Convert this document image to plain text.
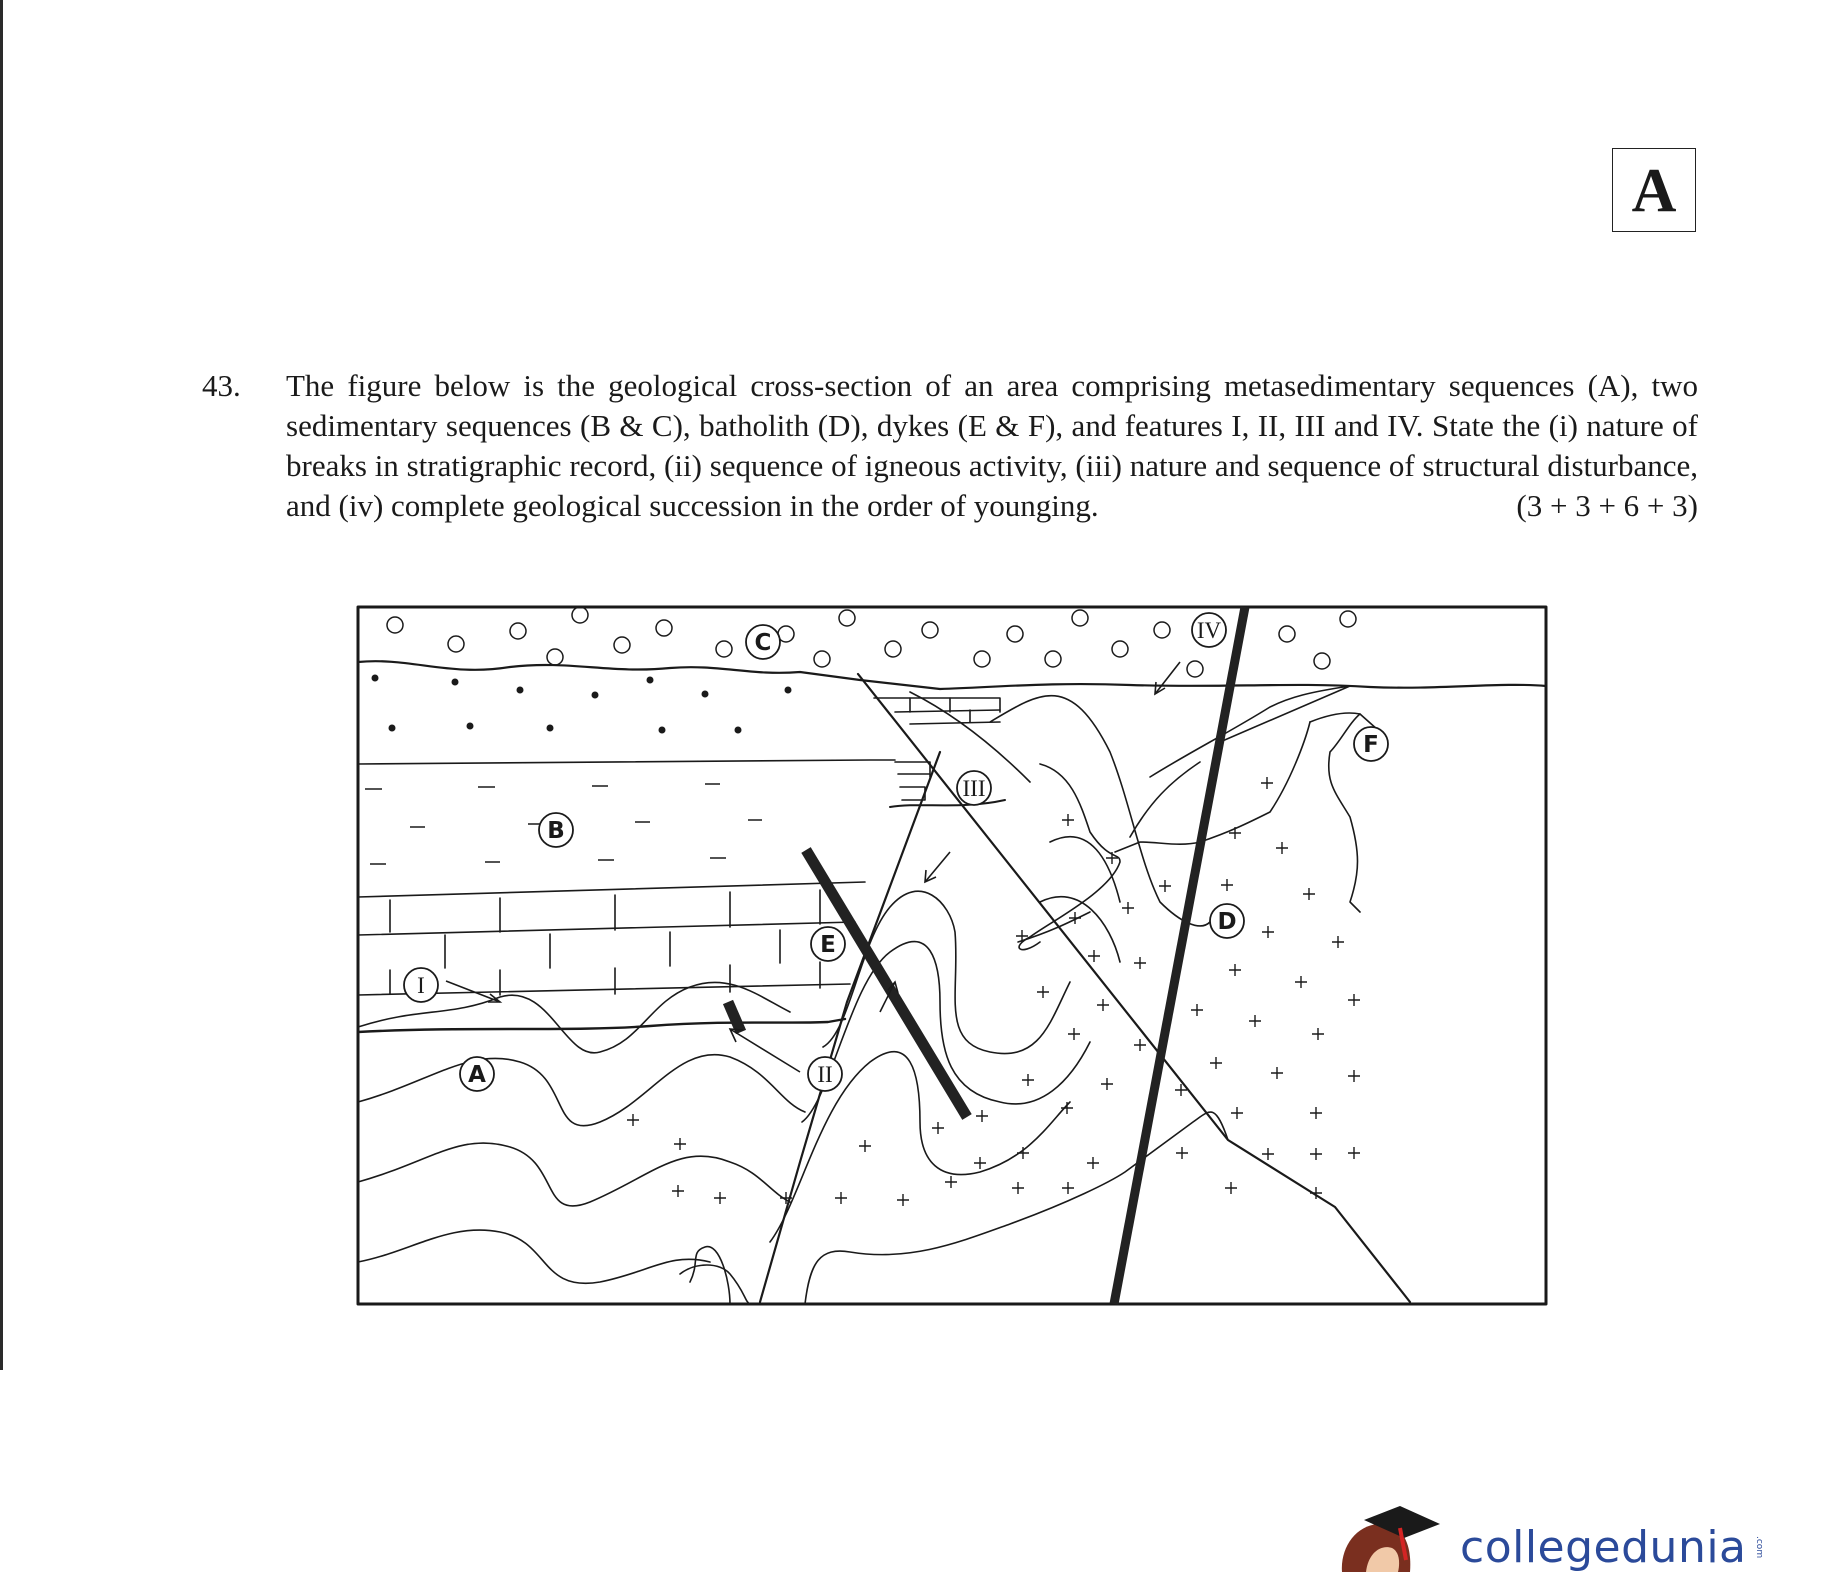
A
43. The figure below is the geological cross-section of an area comprising metasedimentary sequences (A), two sedimentary sequences (B & C), batholith (D), dykes (E & F), and features I, II, III and IV. State the (i) nature of breaks in stratigraphic record, (ii) sequence of igneous activity, (iii) nature and sequence of structural disturbance, and (iv) complete geological succession in the order of younging.	(3 + 3 + 6 + 3)
C
B
E
A
F
D
I
II
III
IV
collegedunia .com
